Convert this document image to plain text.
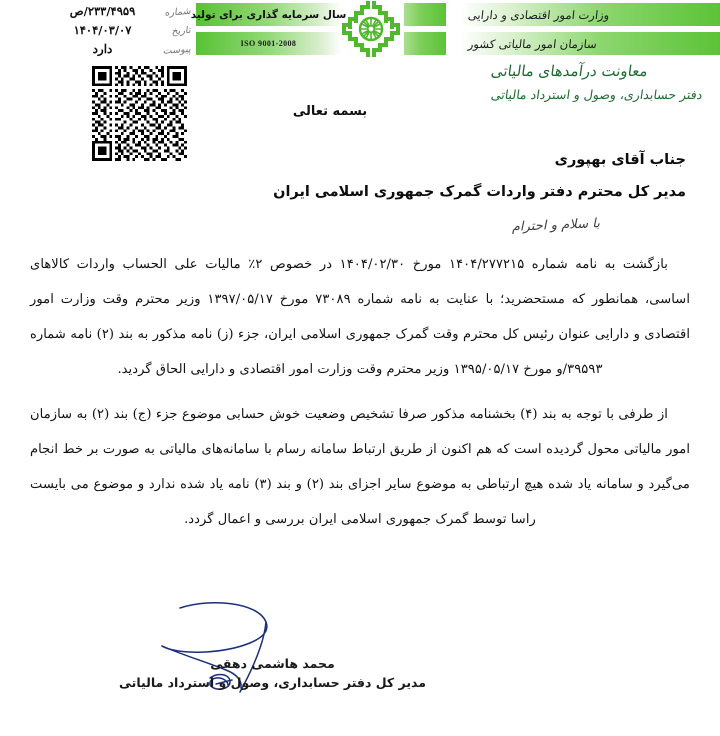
وزارت امور اقتصادی و دارایی
سازمان امور مالیاتی کشور
سال سرمایه گذاری برای تولید
ISO 9001-2008
شماره
۲۳۳/۴۹۵۹/ص
تاریخ
۱۴۰۴/۰۳/۰۷
پیوست
دارد
معاونت درآمدهای مالیاتی
دفتر حسابداری، وصول و استرداد مالیاتی
بسمه تعالی
جناب آقای بهپوری
مدیر کل محترم دفتر واردات گمرک جمهوری اسلامی ایران
با سلام و احترام

بازگشت به نامه شماره ۱۴۰۴/۲۷۷۲۱۵ مورخ ۱۴۰۴/۰۲/۳۰ در خصوص ۲٪ مالیات علی الحساب واردات کالاهای اساسی، همانطور که مستحضرید؛ با عنایت به نامه شماره ۷۳۰۸۹ مورخ ۱۳۹۷/۰۵/۱۷ وزیر محترم وقت وزارت امور اقتصادی و دارایی عنوان رئیس کل محترم وقت گمرک جمهوری اسلامی ایران، جزء (ز) نامه مذکور به بند (۲) نامه شماره ۳۹۵۹۳/و مورخ ۱۳۹۵/۰۵/۱۷ وزیر محترم وقت وزارت امور اقتصادی و دارایی الحاق گردید.

از طرفی با توجه به بند (۴) بخشنامه مذکور صرفا تشخیص وضعیت خوش حسابی موضوع جزء (ج) بند (۲) به سازمان امور مالیاتی محول گردیده است که هم اکنون از طریق ارتباط سامانه رسام با سامانه‌های مالیاتی به صورت بر خط انجام می‌گیرد و سامانه یاد شده هیچ ارتباطی به موضوع سایر اجزای بند (۲) و بند (۳) نامه یاد شده ندارد و موضوع می بایست راسا توسط گمرک جمهوری اسلامی ایران بررسی و اعمال گردد.

محمد هاشمی دهقی
مدیر کل دفتر حسابداری، وصول و استرداد مالیاتی
